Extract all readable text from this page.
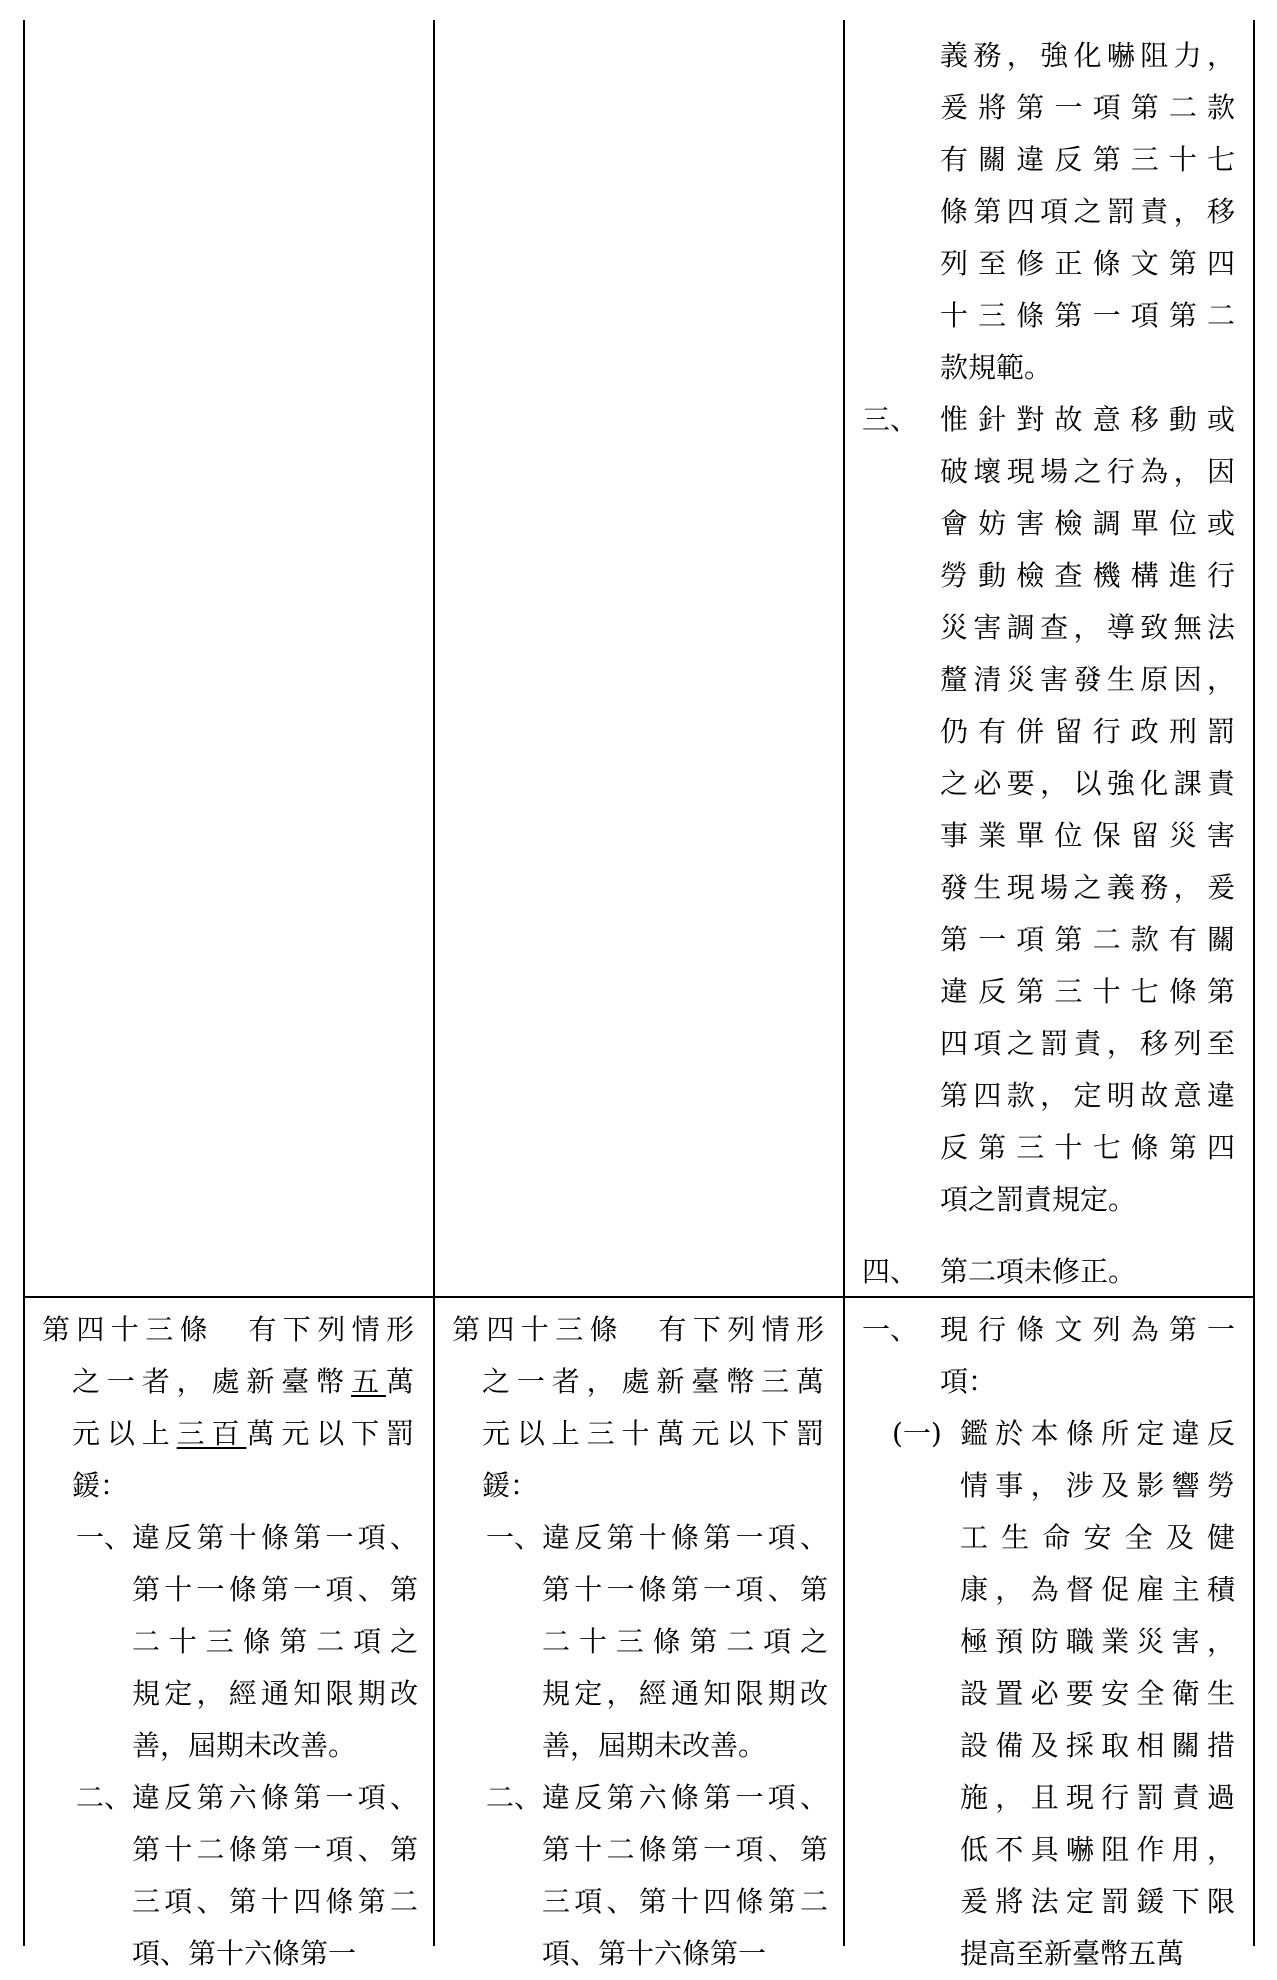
義務，強化嚇阻力，
爰將第一項第二款
有關違反第三十七
條第四項之罰責，移
列至修正條文第四
十三條第一項第二
款規範。
三、 惟針對故意移動或
破壞現場之行為，因
會妨害檢調單位或
勞動檢查機構進行
災害調查，導致無法
釐清災害發生原因，
仍有併留行政刑罰
之必要，以強化課責
事業單位保留災害
發生現場之義務，爰
第一項第二款有關
違反第三十七條第
四項之罰責，移列至
第四款，定明故意違
反第三十七條第四
項之罰責規定。
四、 第二項未修正。
第四十三條　有下列情形
之一者，處新臺幣五萬
元以上三百萬元以下罰
鍰：
一、 違反第十條第一項、
第十一條第一項、第
二十三條第二項之
規定，經通知限期改
善，屆期未改善。
二、 違反第六條第一項、
第十二條第一項、第
三項、第十四條第二
項、第十六條第一
第四十三條　有下列情形
之一者，處新臺幣三萬
元以上三十萬元以下罰
鍰：
一、 違反第十條第一項、
第十一條第一項、第
二十三條第二項之
規定，經通知限期改
善，屆期未改善。
二、 違反第六條第一項、
第十二條第一項、第
三項、第十四條第二
項、第十六條第一
一、 現行條文列為第一
項：
(一) 鑑於本條所定違反
情事，涉及影響勞
工生命安全及健
康，為督促雇主積
極預防職業災害，
設置必要安全衛生
設備及採取相關措
施，且現行罰責過
低不具嚇阻作用，
爰將法定罰鍰下限
提高至新臺幣五萬
